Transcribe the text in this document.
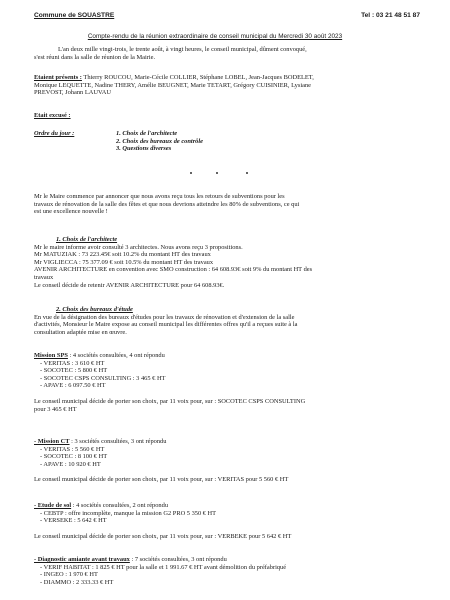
Commune de SOUASTRE	Tel : 03 21 48 51 87
Compte-rendu de la réunion extraordinaire de conseil municipal du Mercredi 30 août 2023

L'an deux mille vingt-trois, le trente août, à vingt heures, le conseil municipal, dûment convoqué,

s'est réuni dans la salle de réunion de la Mairie.

Etaient présents : Thierry ROUCOU, Marie-Cécile COLLIER, Stéphane LOBEL, Jean-Jacques BODELET,

Monique LEQUETTE, Nadine THERY, Amélie BEUGNET, Marie TETART, Grégory CUISINIER, Lysiane

PREVOST, Johann LAUVAU

Etait excusé :
Ordre du jour :	1. Choix de l'architecte
2. Choix des bureaux de contrôle
3. Questions diverses

Mr le Maire commence par annoncer que nous avons reçu tous les retours de subventions pour les

travaux de rénovation de la salle des fêtes et que nous devrions atteindre les 80% de subventions, ce qui

est une excellence nouvelle !

1. Choix de l'architecte

Mr le maire informe avoir consulté 3 architectes. Nous avons reçu 3 propositions.

Mr MATUZIAK : 73 223.45€ soit 10.2% du montant HT des travaux

Mr VIGLIECCA : 75 377.09 € soit 10.5% du montant HT des travaux

AVENIR ARCHITECTURE en convention avec SMO construction : 64 608.93€ soit 9% du montant HT des

travaux

Le conseil décide de retenir AVENIR ARCHITECTURE pour 64 608.93€.

2. Choix des bureaux d'étude

En vue de la désignation des bureaux d'études pour les travaux de rénovation et d'extension de la salle

d'activités, Monsieur le Maire expose au conseil municipal les différentes offres qu'il a reçues suite à la

consultation adaptée mise en œuvre.

Mission SPS : 4 sociétés consultées, 4 ont répondu

- VERITAS : 3 610 € HT
- SOCOTEC : 5 800 € HT
- SOCOTEC CSPS CONSULTING : 3 465 € HT
- APAVE : 6 097.50 € HT

Le conseil municipal décide de porter son choix, par 11 voix pour, sur : SOCOTEC CSPS CONSULTING

pour 3 465 € HT

- Mission CT : 3 sociétés consultées, 3 ont répondu

- VERITAS : 5 560 € HT
- SOCOTEC : 8 100 € HT
- APAVE : 10 920 € HT

Le conseil municipal décide de porter son choix, par 11 voix pour, sur : VERITAS pour 5 560 € HT

- Etude de sol : 4 sociétés consultées, 2 ont répondu

- CEBTP : offre incomplète, manque la mission G2 PRO 5 350 € HT
- VERSEKE : 5 642 € HT

Le conseil municipal décide de porter son choix, par 11 voix pour, sur : VERBEKE pour 5 642 € HT

- Diagnostic amiante avant travaux : 7 sociétés consultées, 3 ont répondu

- VERIF HABITAT : 1 825 € HT pour la salle et 1 991.67 € HT avant démolition du préfabriqué
- INGEO : 1 970 € HT
- DIAMMO : 2 333.33 € HT
